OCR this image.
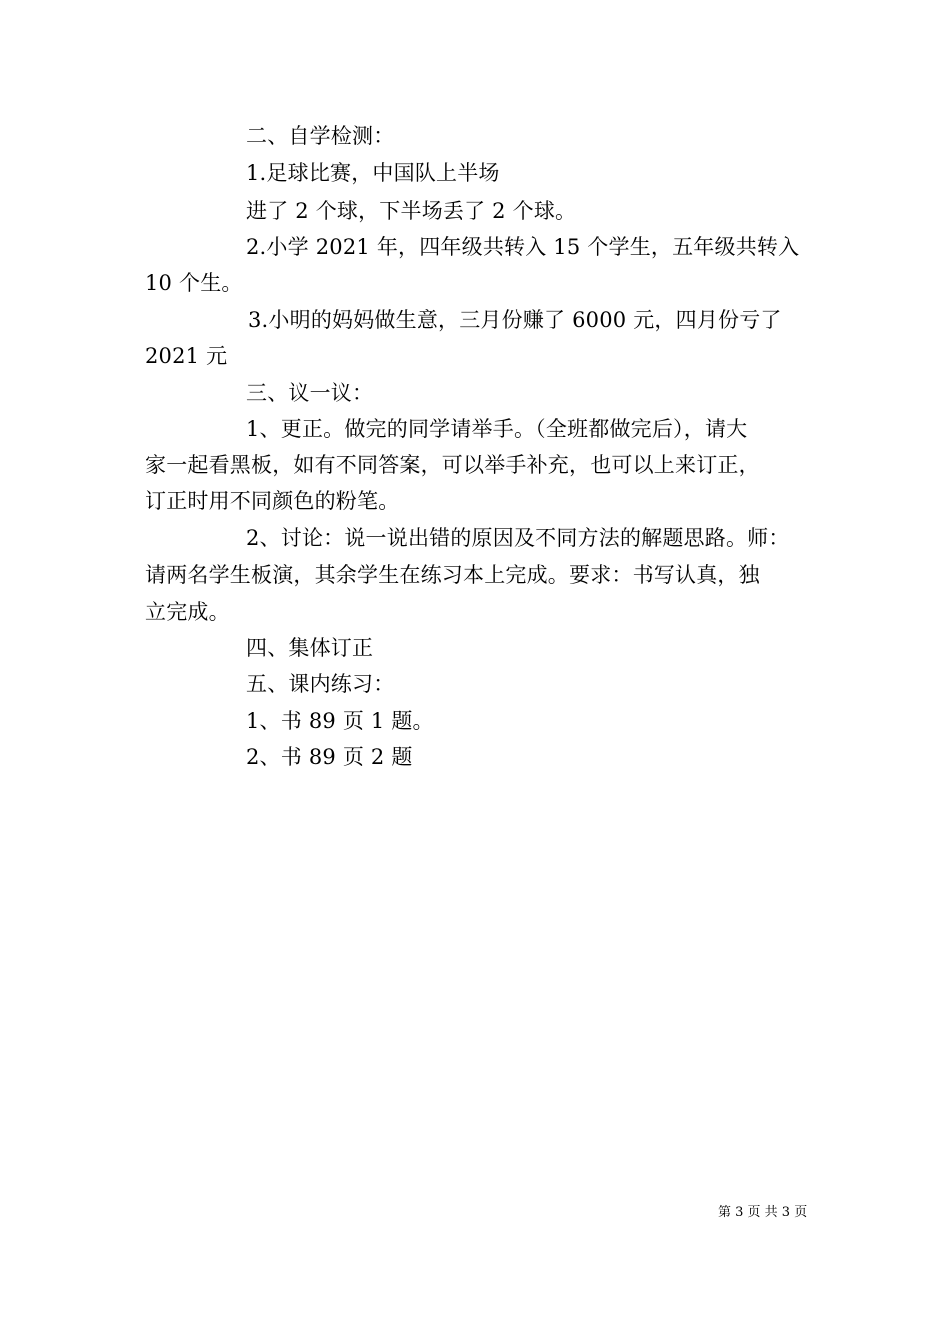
二、自学检测：
1.足球比赛，中国队上半场
进了 2 个球，下半场丢了 2 个球。
2.小学 2021 年，四年级共转入 15 个学生，五年级共转入
10 个生。
3.小明的妈妈做生意，三月份赚了 6000 元，四月份亏了
2021 元
三、议一议：
1、更正。做完的同学请举手。（全班都做完后），请大
家一起看黑板，如有不同答案，可以举手补充，也可以上来订正，
订正时用不同颜色的粉笔。
2、讨论：说一说出错的原因及不同方法的解题思路。师：
请两名学生板演，其余学生在练习本上完成。要求：书写认真，独
立完成。
四、集体订正
五、课内练习：
1、书 89 页 1 题。
2、书 89 页 2 题
第 3 页 共 3 页
